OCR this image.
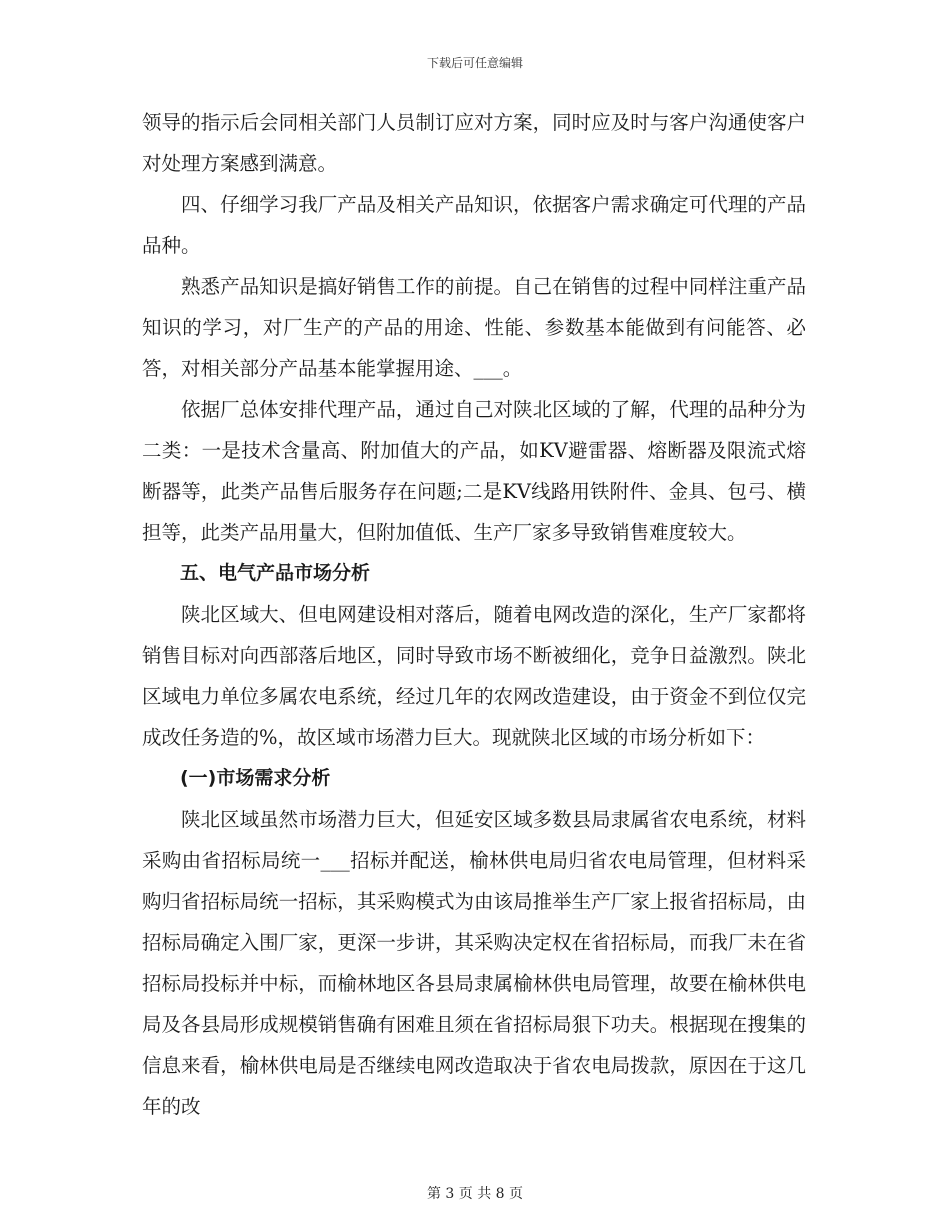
下载后可任意编辑

领导的指示后会同相关部门人员制订应对方案，同时应及时与客户沟通使客户对处理方案感到满意。

四、仔细学习我厂产品及相关产品知识，依据客户需求确定可代理的产品品种。

熟悉产品知识是搞好销售工作的前提。自己在销售的过程中同样注重产品知识的学习，对厂生产的产品的用途、性能、参数基本能做到有问能答、必答，对相关部分产品基本能掌握用途、___。

依据厂总体安排代理产品，通过自己对陕北区域的了解，代理的品种分为二类：一是技术含量高、附加值大的产品，如KV避雷器、熔断器及限流式熔断器等，此类产品售后服务存在问题;二是KV线路用铁附件、金具、包弓、横担等，此类产品用量大，但附加值低、生产厂家多导致销售难度较大。

五、电气产品市场分析

陕北区域大、但电网建设相对落后，随着电网改造的深化，生产厂家都将销售目标对向西部落后地区，同时导致市场不断被细化，竞争日益激烈。陕北区域电力单位多属农电系统，经过几年的农网改造建设，由于资金不到位仅完成改任务造的%，故区域市场潜力巨大。现就陕北区域的市场分析如下：

(一)市场需求分析

陕北区域虽然市场潜力巨大，但延安区域多数县局隶属省农电系统，材料采购由省招标局统一___招标并配送，榆林供电局归省农电局管理，但材料采购归省招标局统一招标，其采购模式为由该局推举生产厂家上报省招标局，由招标局确定入围厂家，更深一步讲，其采购决定权在省招标局，而我厂未在省招标局投标并中标，而榆林地区各县局隶属榆林供电局管理，故要在榆林供电局及各县局形成规模销售确有困难且须在省招标局狠下功夫。根据现在搜集的信息来看，榆林供电局是否继续电网改造取决于省农电局拨款，原因在于这几年的改

第 3 页 共 8 页
